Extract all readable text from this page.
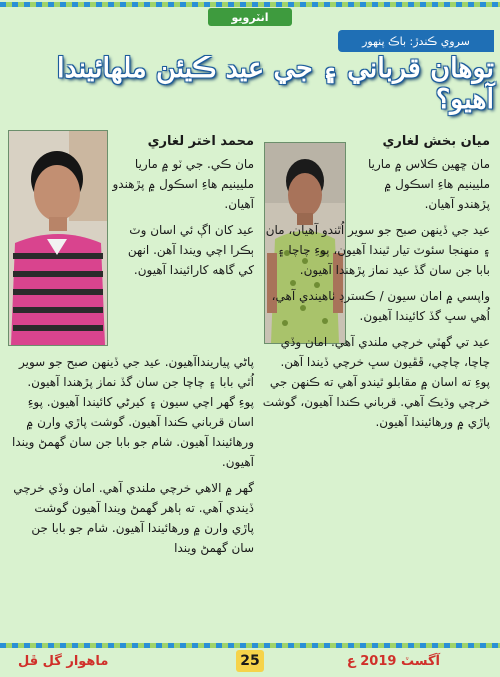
انٽرويو
سروي ڪندڙ: باڪ پنهور
توهان قرباني ۽ جي عيد ڪيئن ملهائيندا آهيو؟
ميان بخش لغاري

مان ڇهين ڪلاس ۾ ماريا مليينيم هاءِ اسڪول ۾ پڙهندو آهيان.

عيد جي ڏينهن صبح جو سوير اُٿندو آهيان، مان ۽ منهنجا سئوٽ تيار ٿيندا آهيون، پوءِ چاچا ۽ بابا جن سان گڏ عيد نماز پڙهندا آهيون.

واپسي ۾ امان سيون / ڪسترڊ ٺاهيندي آهي، اُهي سڀ گڏ کائيندا آهيون.

عيد تي گهٽي خرچي ملندي آهي. امان وڏي چاچا، چاچي، ڦڦيون سڀ خرچي ڏيندا آهن. پوءِ ته اسان ۾ مقابلو ٿيندو آهي ته ڪنهن جي خرچي وڌيڪ آهي. قرباني ڪندا آهيون، گوشت پاڙي ۾ ورهائيندا آهيون.

محمد اختر لغاري

مان ڪي. جي ٽو ۾ ماريا مليينيم هاءِ اسڪول ۾ پڙهندو آهيان.

عيد کان اڳ ئي اسان وٽ ٻڪرا اچي ويندا آهن. انهن کي گاهه کارائيندا آهيون.

پاڻي پيارينداآهيون. عيد جي ڏينهن صبح جو سوير اُٿي بابا ۽ چاچا جن سان گڏ نماز پڙهندا آهيون. پوءِ گهر اچي سيون ۽ کيرڻي کائيندا آهيون. پوءِ اسان قرباني ڪندا آهيون. گوشت پاڙي وارن ۾ ورهائيندا آهيون. شام جو بابا جن سان گهمڻ ويندا آهيون.

گهر ۾ الاهي خرچي ملندي آهي. امان وڏي خرچي ڏيندي آهي. ته ٻاهر گهمڻ ويندا آهيون گوشت پاڙي وارن ۾ ورهائيندا آهيون. شام جو بابا جن سان گهمڻ ويندا

آگسٽ 2019 ع
25
ماهوار گل ڦل
